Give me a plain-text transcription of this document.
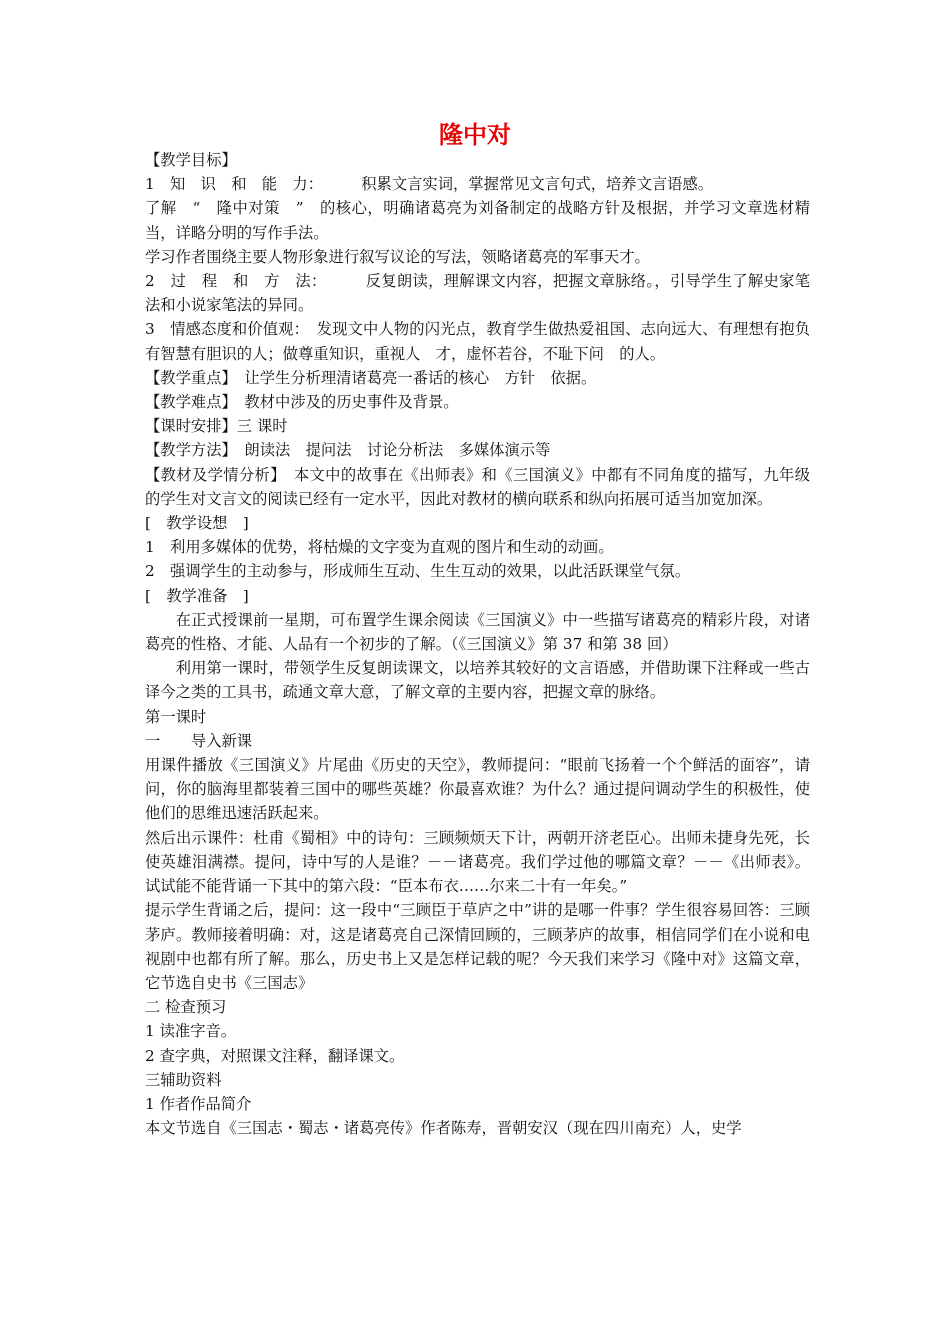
隆中对

【教学目标】

1　知　识　和　能　力：　　　积累文言实词，掌握常见文言句式，培养文言语感。

了解　“　隆中对策　”　的核心，明确诸葛亮为刘备制定的战略方针及根据，并学习文章选材精当，详略分明的写作手法。

学习作者围绕主要人物形象进行叙写议论的写法，领略诸葛亮的军事天才。

2　过　程　和　方　法：　　　反复朗读，理解课文内容，把握文章脉络。，引导学生了解史家笔法和小说家笔法的异同。

3　情感态度和价值观：　发现文中人物的闪光点，教育学生做热爱祖国、志向远大、有理想有抱负有智慧有胆识的人；做尊重知识，重视人　才，虚怀若谷，不耻下问　的人。

【教学重点】　让学生分析理清诸葛亮一番话的核心　方针　依据。

【教学难点】　教材中涉及的历史事件及背景。

【课时安排】三 课时

【教学方法】　朗读法　提问法　讨论分析法　多媒体演示等

【教材及学情分析】　本文中的故事在《出师表》和《三国演义》中都有不同角度的描写，九年级的学生对文言文的阅读已经有一定水平，因此对教材的横向联系和纵向拓展可适当加宽加深。

[　教学设想　]

1　利用多媒体的优势，将枯燥的文字变为直观的图片和生动的动画。

2　强调学生的主动参与，形成师生互动、生生互动的效果，以此活跃课堂气氛。

[　教学准备　]

在正式授课前一星期，可布置学生课余阅读《三国演义》中一些描写诸葛亮的精彩片段，对诸葛亮的性格、才能、人品有一个初步的了解。（《三国演义》第 37 和第 38 回）

利用第一课时，带领学生反复朗读课文，以培养其较好的文言语感，并借助课下注释或一些古译今之类的工具书，疏通文章大意，了解文章的主要内容，把握文章的脉络。

第一课时

一　　导入新课

用课件播放《三国演义》片尾曲《历史的天空》，教师提问：“眼前飞扬着一个个鲜活的面容”，请问，你的脑海里都装着三国中的哪些英雄？你最喜欢谁？为什么？通过提问调动学生的积极性，使他们的思维迅速活跃起来。

然后出示课件：杜甫《蜀相》中的诗句：三顾频烦天下计，两朝开济老臣心。出师未捷身先死，长使英雄泪满襟。提问，诗中写的人是谁？－－诸葛亮。我们学过他的哪篇文章？－－《出师表》。试试能不能背诵一下其中的第六段：“臣本布衣……尔来二十有一年矣。”

提示学生背诵之后，提问：这一段中“三顾臣于草庐之中”讲的是哪一件事？学生很容易回答：三顾茅庐。教师接着明确：对，这是诸葛亮自己深情回顾的，三顾茅庐的故事，相信同学们在小说和电视剧中也都有所了解。那么，历史书上又是怎样记载的呢？今天我们来学习《隆中对》这篇文章，它节选自史书《三国志》

二 检查预习

1 读准字音。

2 查字典，对照课文注释，翻译课文。

三辅助资料

1 作者作品简介

本文节选自《三国志・蜀志・诸葛亮传》作者陈寿，晋朝安汉（现在四川南充）人，史学
